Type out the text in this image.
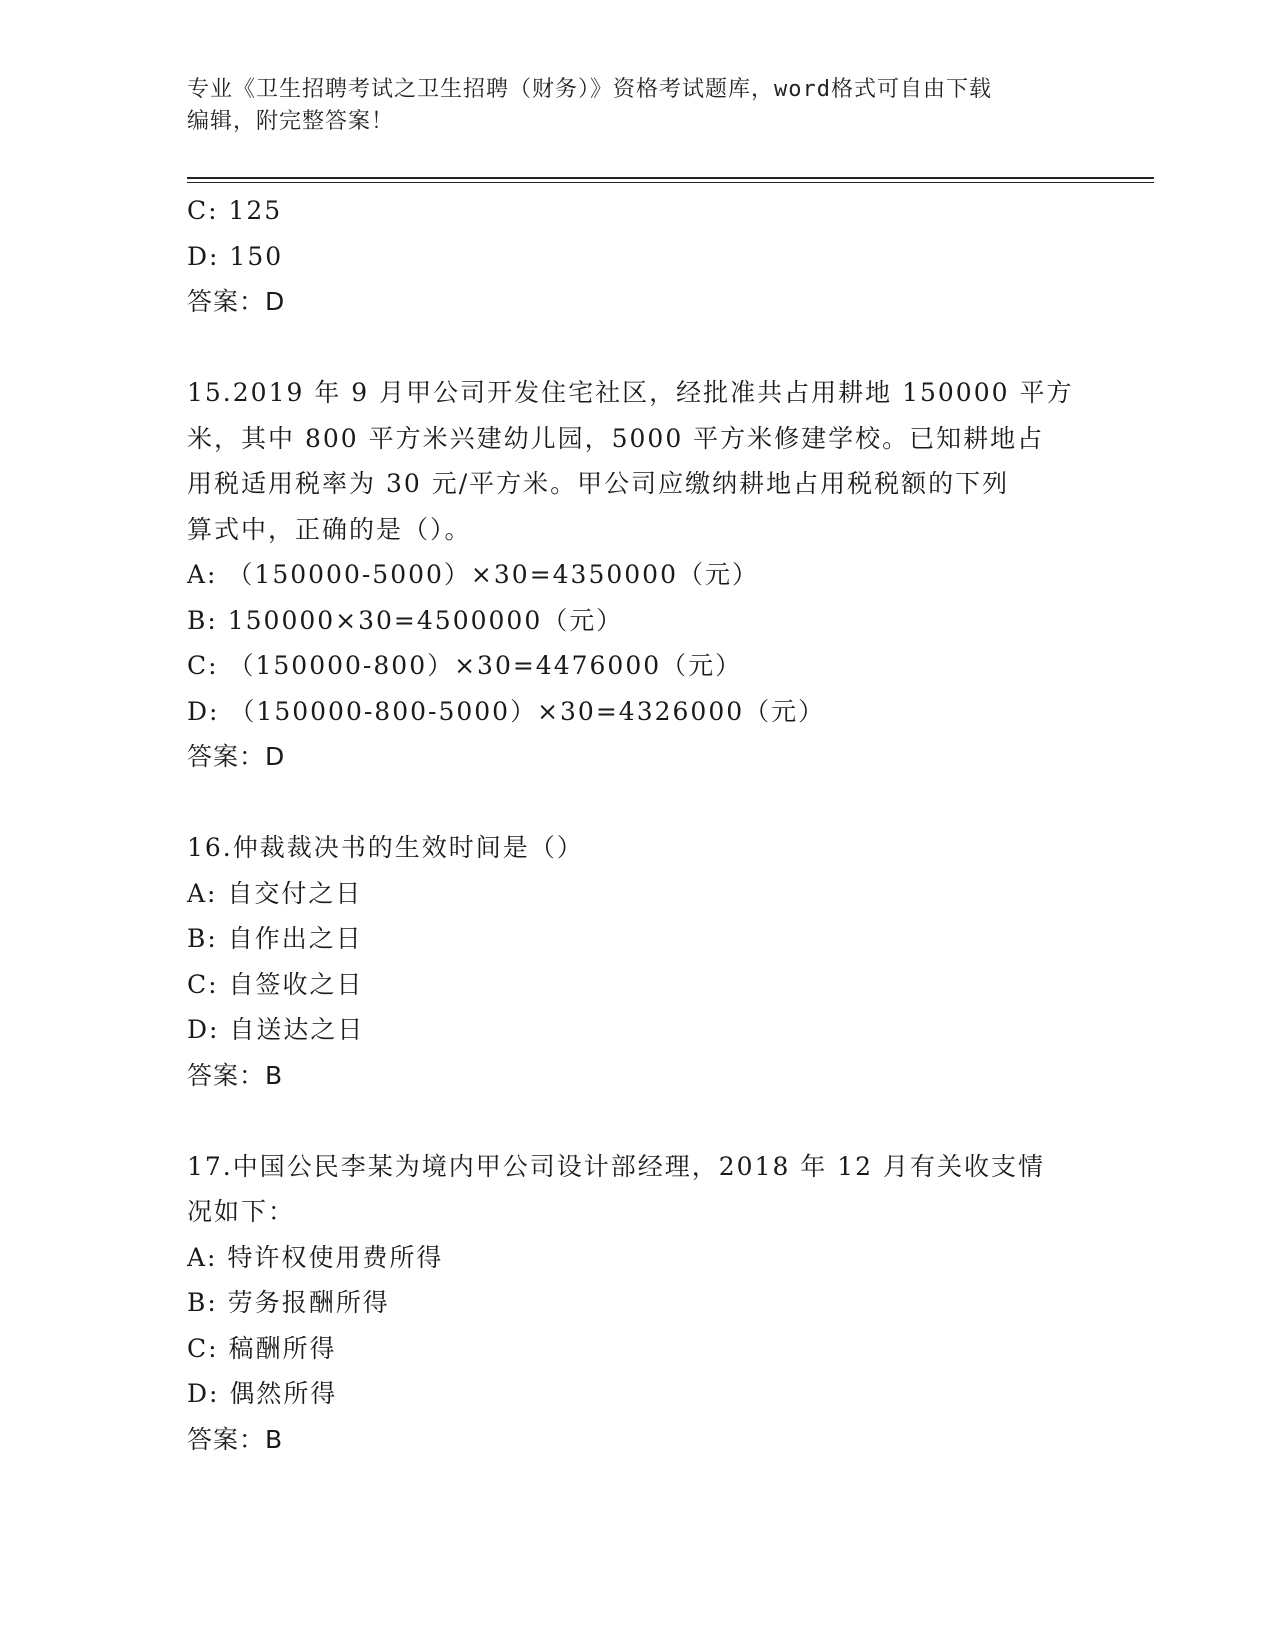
专业《卫生招聘考试之卫生招聘（财务）》资格考试题库，word格式可自由下载
编辑，附完整答案！
C: 125
D: 150
答案：D
15.2019 年 9 月甲公司开发住宅社区，经批准共占用耕地 150000 平方
米，其中 800 平方米兴建幼儿园，5000 平方米修建学校。已知耕地占
用税适用税率为 30 元/平方米。甲公司应缴纳耕地占用税税额的下列
算式中，正确的是（）。
A: （150000-5000）×30=4350000（元）
B: 150000×30=4500000（元）
C: （150000-800）×30=4476000（元）
D: （150000-800-5000）×30=4326000（元）
答案：D
16.仲裁裁决书的生效时间是（）
A: 自交付之日
B: 自作出之日
C: 自签收之日
D: 自送达之日
答案：B
17.中国公民李某为境内甲公司设计部经理，2018 年 12 月有关收支情
况如下：
A: 特许权使用费所得
B: 劳务报酬所得
C: 稿酬所得
D: 偶然所得
答案：B
